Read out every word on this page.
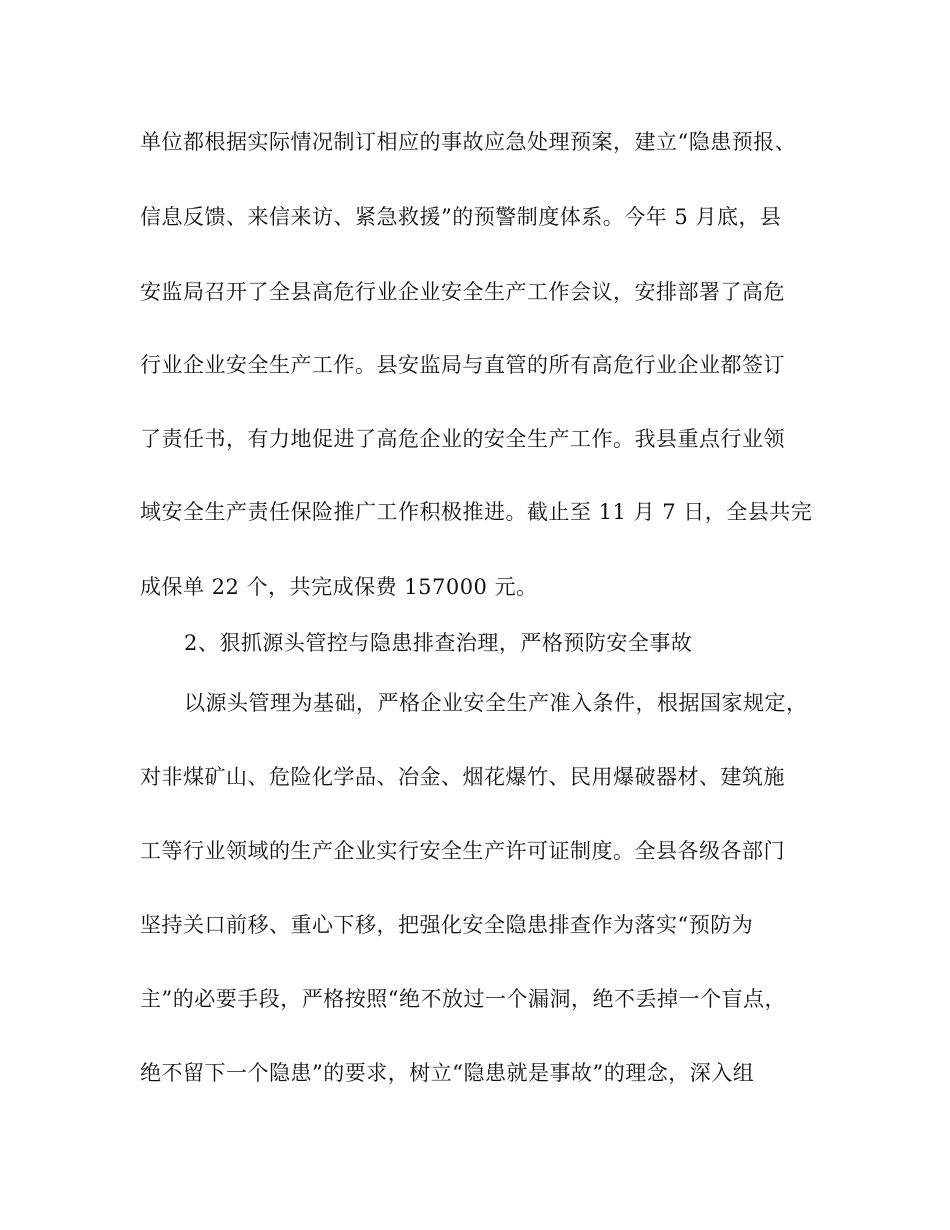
单位都根据实际情况制订相应的事故应急处理预案，建立“隐患预报、
信息反馈、来信来访、紧急救援”的预警制度体系。今年 5 月底，县
安监局召开了全县高危行业企业安全生产工作会议，安排部署了高危
行业企业安全生产工作。县安监局与直管的所有高危行业企业都签订
了责任书，有力地促进了高危企业的安全生产工作。我县重点行业领
域安全生产责任保险推广工作积极推进。截止至 11 月 7 日，全县共完
成保单 22 个，共完成保费 157000 元。
2、狠抓源头管控与隐患排查治理，严格预防安全事故
以源头管理为基础，严格企业安全生产准入条件，根据国家规定，
对非煤矿山、危险化学品、冶金、烟花爆竹、民用爆破器材、建筑施
工等行业领域的生产企业实行安全生产许可证制度。全县各级各部门
坚持关口前移、重心下移，把强化安全隐患排查作为落实“预防为
主”的必要手段，严格按照“绝不放过一个漏洞，绝不丢掉一个盲点，
绝不留下一个隐患”的要求，树立“隐患就是事故”的理念，深入组
